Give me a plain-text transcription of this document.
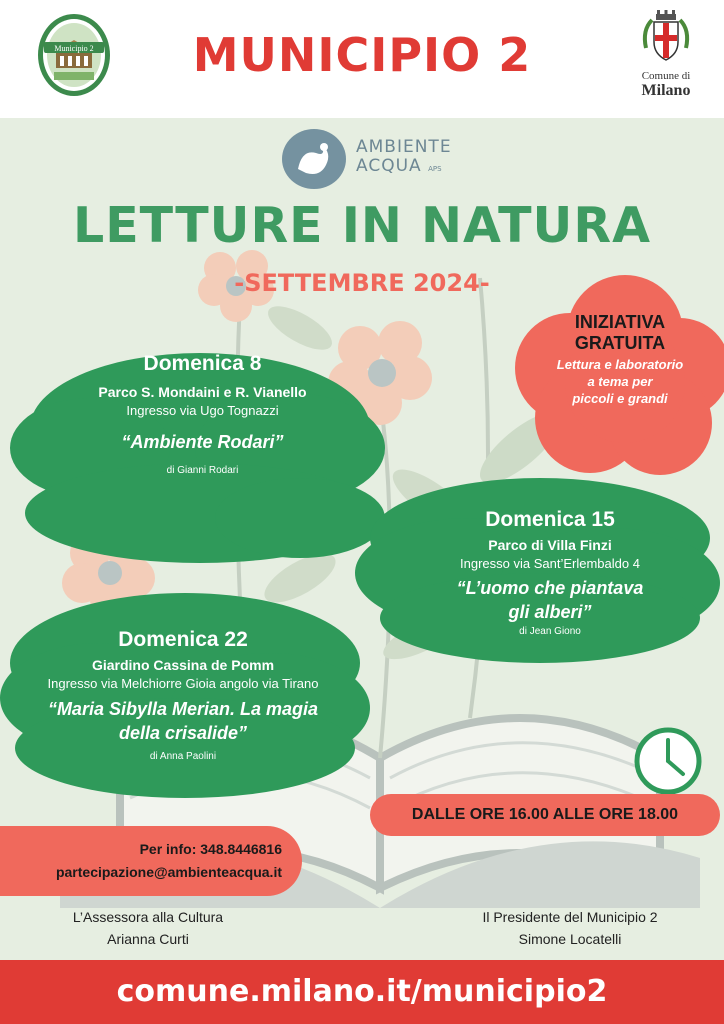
Municipio 2	MUNICIPIO 2	Comune di
Milano
AMBIENTE
ACQUA APS
LETTURE IN NATURA
-SETTEMBRE 2024-
Domenica 8
Parco S. Mondaini e R. Vianello
Ingresso via Ugo Tognazzi
“Ambiente Rodari”
di Gianni Rodari
Domenica 15
Parco di Villa Finzi
Ingresso via Sant’Erlembaldo 4
“L’uomo che piantava
gli alberi”
di Jean Giono
Domenica 22
Giardino Cassina de Pomm
Ingresso via Melchiorre Gioia angolo via Tirano
“Maria Sibylla Merian. La magia
della crisalide”
di Anna Paolini
INIZIATIVA
GRATUITA
Lettura e laboratorio
a tema per
piccoli e grandi
DALLE ORE 16.00 ALLE ORE 18.00
Per info: 348.8446816
partecipazione@ambienteacqua.it
L’Assessora alla Cultura
Arianna Curti
Il Presidente del Municipio 2
Simone Locatelli
comune.milano.it/municipio2
